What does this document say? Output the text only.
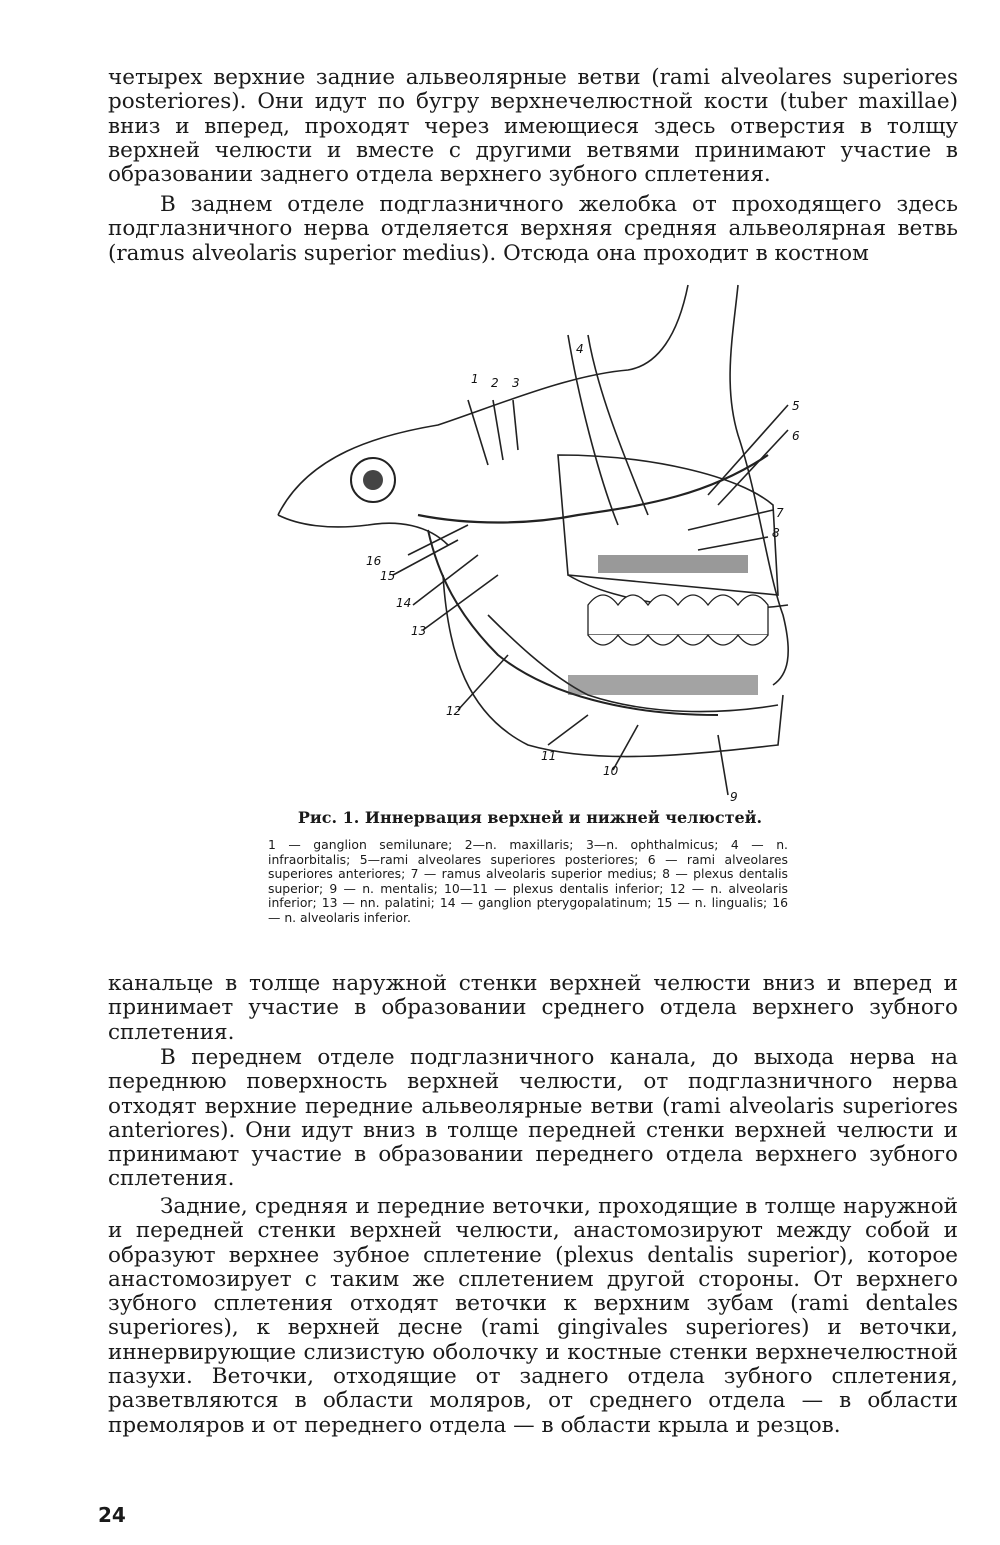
четырех верхние задние альвеолярные ветви (rami alveolares superiores posteriores). Они идут по бугру верхнечелюстной кости (tuber maxillae) вниз и вперед, проходят через имеющиеся здесь отверстия в толщу верхней челюсти и вместе с другими ветвями принимают участие в образовании заднего отдела верхнего зубного сплетения.

В заднем отделе подглазничного желобка от проходящего здесь подглазничного нерва отделяется верхняя средняя альвеолярная ветвь (ramus alveolaris superior medius). Отсюда она проходит в костном

1 2 3
4
5
6
7
8
9
10
11
12
13
14
15
16

Рис. 1. Иннервация верхней и нижней челюстей.

1 — ganglion semilunare; 2—n. maxillaris; 3—n. ophthalmicus; 4 — n. infraorbitalis; 5—rami alveolares superiores posteriores; 6 — rami alveolares superiores anteriores; 7 — ramus alveolaris superior medius; 8 — plexus dentalis superior; 9 — n. mentalis; 10—11 — plexus dentalis inferior; 12 — n. alveolaris inferior; 13 — nn. palatini; 14 — ganglion pterygopalatinum; 15 — n. lingualis; 16 — n. alveolaris inferior.

канальце в толще наружной стенки верхней челюсти вниз и вперед и принимает участие в образовании среднего отдела верхнего зубного сплетения.

В переднем отделе подглазничного канала, до выхода нерва на переднюю поверхность верхней челюсти, от подглазничного нерва отходят верхние передние альвеолярные ветви (rami alveolaris superiores anteriores). Они идут вниз в толще передней стенки верхней челюсти и принимают участие в образовании переднего отдела верхнего зубного сплетения.

Задние, средняя и передние веточки, проходящие в толще наружной и передней стенки верхней челюсти, анастомозируют между собой и образуют верхнее зубное сплетение (plexus dentalis superior), которое анастомозирует с таким же сплетением другой стороны. От верхнего зубного сплетения отходят веточки к верхним зубам (rami dentales superiores), к верхней десне (rami gingivales superiores) и веточки, иннервирующие слизистую оболочку и костные стенки верхнечелюстной пазухи. Веточки, отходящие от заднего отдела зубного сплетения, разветвляются в области моляров, от среднего отдела — в области премоляров и от переднего отдела — в области крыла и резцов.

24
